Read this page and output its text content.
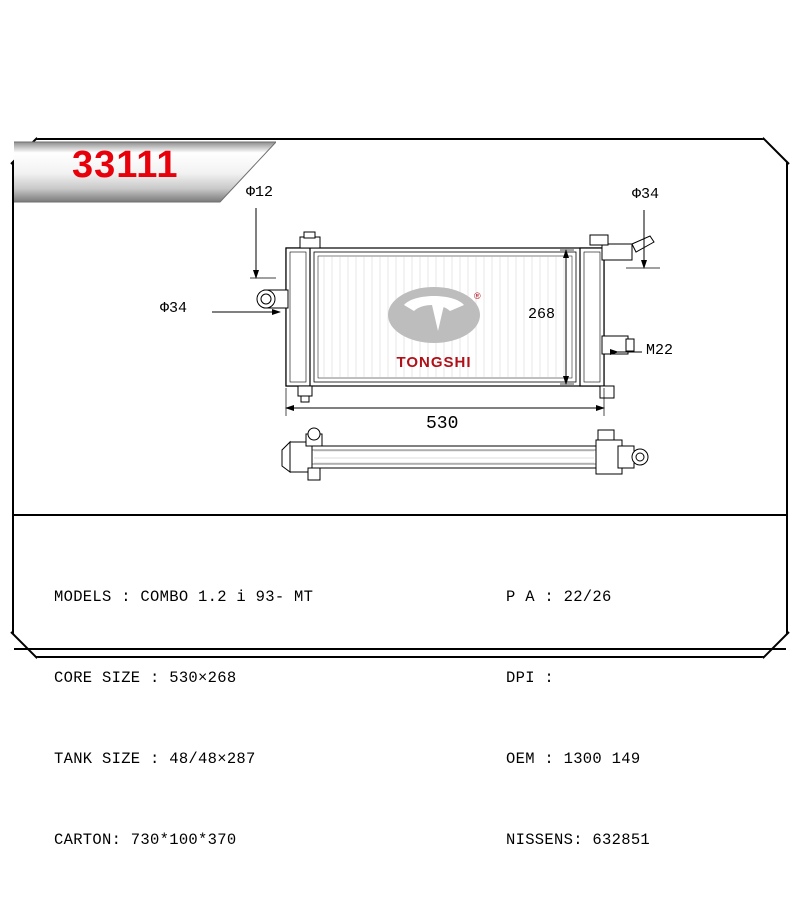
33111
®
TONGSHI
Φ12	Φ34
Φ34	268
530
M22

MODELS : COMBO 1.2 i 93- MT

CORE SIZE : 530×268

TANK SIZE : 48/48×287

CARTON: 730*100*370

P A : 22/26

DPI :

OEM : 1300 149

NISSENS: 632851
